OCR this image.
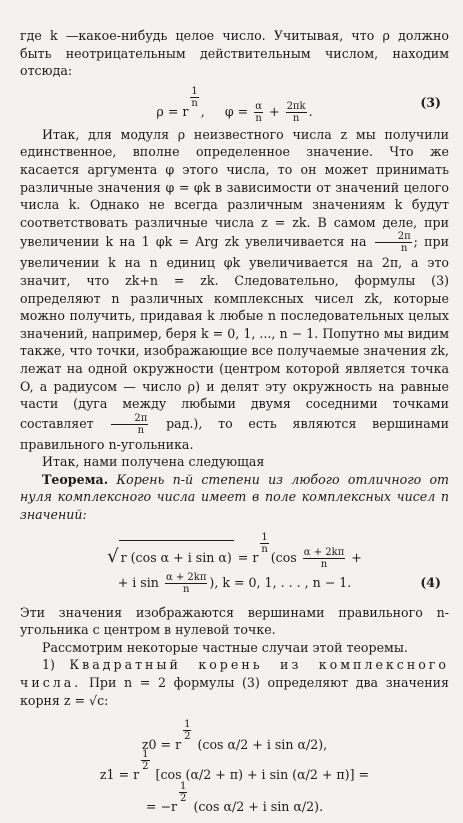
где k —какое-нибудь целое число. Учитывая, что ρ должно быть неотрицательным действительным числом, находим отсюда:

ρ = r
$^{\frac{1}{n}}$
,     $\varphi = \frac{\alpha}{n} + \frac{2\pi k}{n}$ .
(3)

Итак, для модуля ρ неизвестного числа z мы получили единственное, вполне определенное значение. Что же касается аргумента φ этого числа, то он может принимать различные значения φ = φk в зависимости от значений целого числа k. Однако не всегда различным значениям k будут соответствовать различные числа z = zk. В самом деле, при увеличении k на 1 φk = Arg zk увеличивается на $\frac{2\pi}{n}$ ; при увеличении k на n единиц φk увеличивается на 2π, а это значит, что zk+n = zk. Следовательно, формулы (3) определяют n различных комплексных чисел zk, которые можно получить, придавая k любые n последовательных целых значений, например, беря k = 0, 1, ..., n − 1. Попутно мы видим также, что точки, изображающие все получаемые значения zk, лежат на одной окружности (центром которой является точка O, а радиусом — число ρ) и делят эту окружность на равные части (дуга между любыми двумя соседними точками составляет $\frac{2\pi}{n} рад$.), то есть являются вершинами правильного n-угольника.

Итак, нами получена следующая

Теорема. Корень n-й степени из любого отличного от нуля комплексного числа имеет в поле комплексных чисел n значений:

√ r (cos α + i sin α) = r
$^{\frac{1}{n}}$
($\cos \frac{\alpha + 2k\pi}{n}$ +
+ i $\sin \frac{\alpha + 2k\pi}{n}$ ), k = 0, 1, . . . , n − 1.	(4)

Эти значения изображаются вершинами правильного n-угольника с центром в нулевой точке.

Рассмотрим некоторые частные случаи этой теоремы.

1) Квадратный корень из комплексного числа. При n = 2 формулы (3) определяют два значения корня z = √c:

z0 = r
$^{\frac{1}{2}}$
(cos α/2 + i sin α/2),
z1 = r
$^{\frac{1}{2}}$
[cos (α/2 + π) + i sin (α/2 + π)] =
= −r
$^{\frac{1}{2}}$
(cos α/2 + i sin α/2).
